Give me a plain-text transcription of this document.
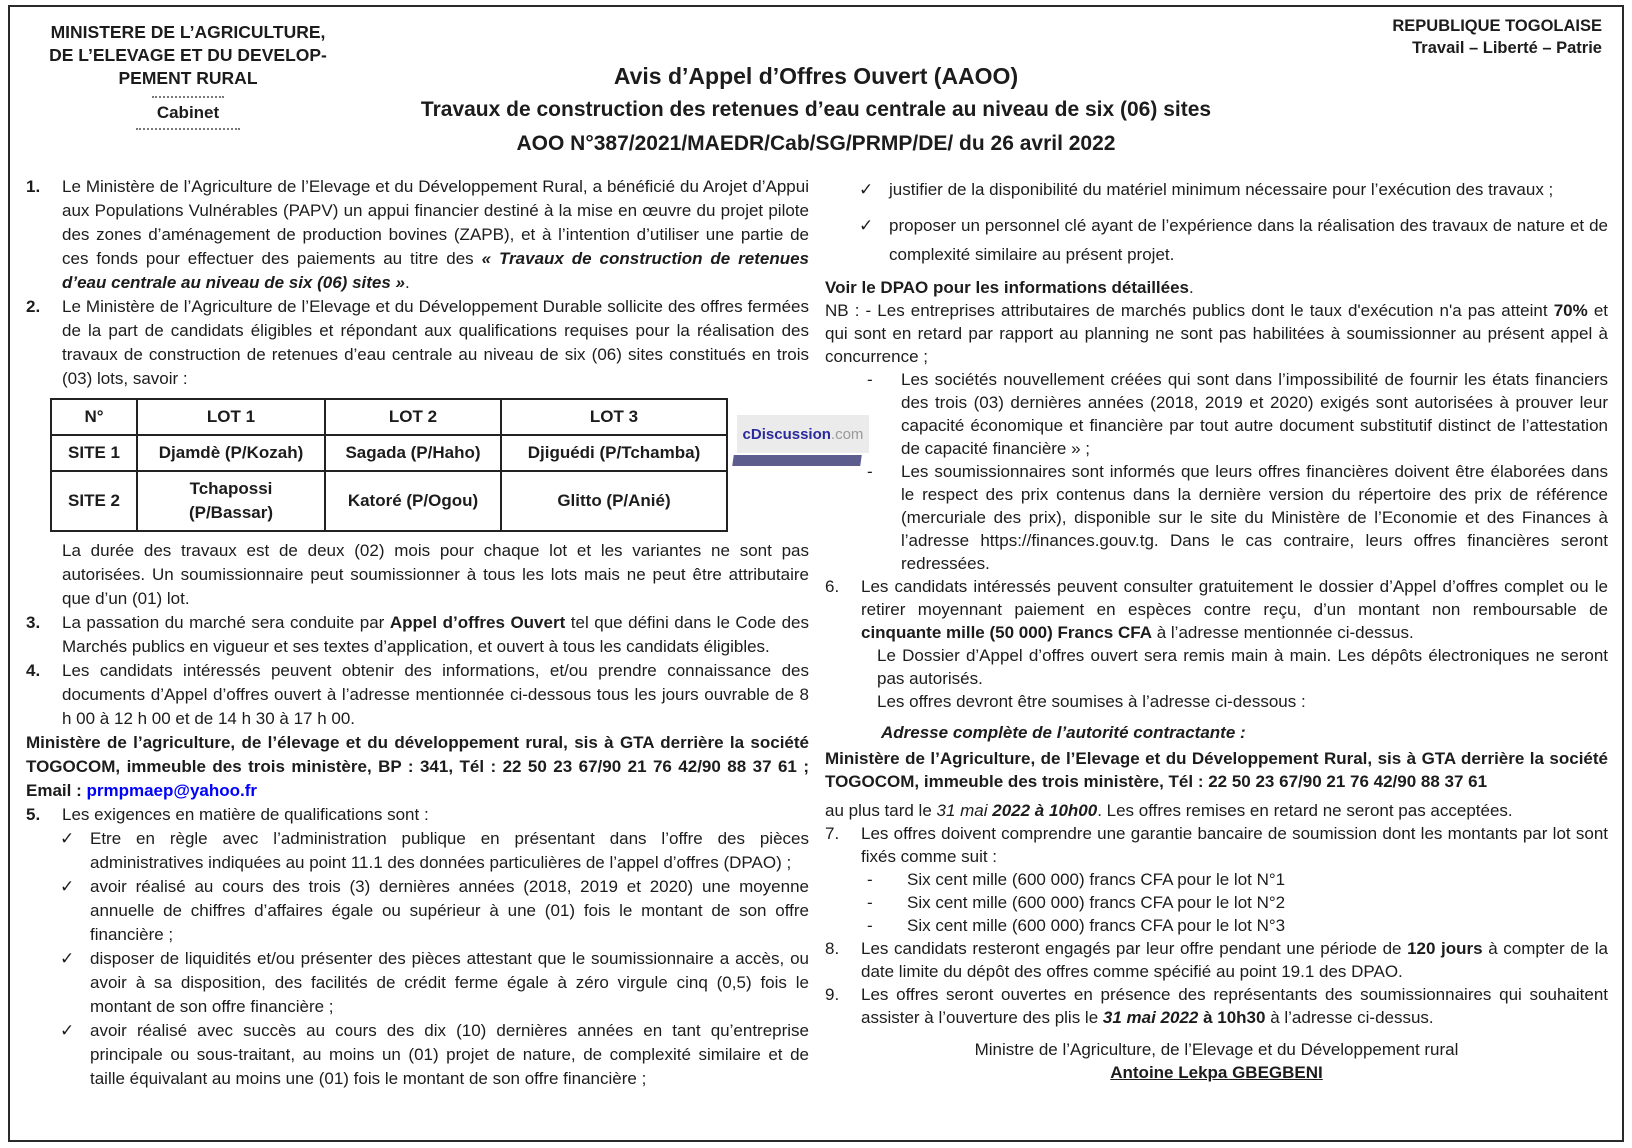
MINISTERE DE L’AGRICULTURE,
DE L’ELEVAGE ET DU DEVELOP-
PEMENT RURAL
Cabinet
REPUBLIQUE TOGOLAISE
Travail – Liberté – Patrie
Avis d’Appel d’Offres Ouvert (AAOO)
Travaux de construction des retenues d’eau centrale au niveau de six (06) sites
AOO N°387/2021/MAEDR/Cab/SG/PRMP/DE/ du 26 avril 2022
1.	Le Ministère de l’Agriculture de l’Elevage et du Développement Rural, a bénéficié du Arojet d’Appui aux Populations Vulnérables (PAPV) un appui financier destiné à la mise en œuvre du projet pilote des zones d’aménagement de production bovines (ZAPB), et à l’intention d’utiliser une partie de ces fonds pour effectuer des paiements au titre des « Travaux de construction de retenues d’eau centrale au niveau de six (06) sites ».

2.	Le Ministère de l’Agriculture de l’Elevage et du Développement Durable sollicite des offres fermées de la part de candidats éligibles et répondant aux qualifications requises pour la réalisation des travaux de construction de retenues d’eau centrale au niveau de six (06) sites constitués en trois (03) lots, savoir :

N°	LOT 1	LOT 2	LOT 3
SITE 1	Djamdè (P/Kozah)	Sagada (P/Haho)	Djiguédi (P/Tchamba)
SITE 2	Tchapossi (P/Bassar)	Katoré (P/Ogou)	Glitto (P/Anié)

La durée des travaux est de deux (02) mois pour chaque lot et les variantes ne sont pas autorisées. Un soumissionnaire peut soumissionner à tous les lots mais ne peut être attributaire que d’un (01) lot.

3.	La passation du marché sera conduite par Appel d’offres Ouvert tel que défini dans le Code des Marchés publics en vigueur et ses textes d’application, et ouvert à tous les candidats éligibles.

4.	Les candidats intéressés peuvent obtenir des informations, et/ou prendre connaissance des documents d’Appel d’offres ouvert à l’adresse mentionnée ci-dessous tous les jours ouvrable de 8 h 00 à 12 h 00 et de 14 h 30 à 17 h 00.

Ministère de l’agriculture, de l’élevage et du développement rural, sis à GTA derrière la société TOGOCOM, immeuble des trois ministère, BP : 341, Tél : 22 50 23 67/90 21 76 42/90 88 37 61 ; Email : prmpmaep@yahoo.fr

5.	Les exigences en matière de qualifications sont :

✓ Etre en règle avec l’administration publique en présentant dans l’offre des pièces administratives indiquées au point 11.1 des données particulières de l’appel d’offres (DPAO) ;

✓ avoir réalisé au cours des trois (3) dernières années (2018, 2019 et 2020) une moyenne annuelle de chiffres d’affaires égale ou supérieur à une (01) fois le montant de son offre financière ;

✓ disposer de liquidités et/ou présenter des pièces attestant que le soumissionnaire a accès, ou avoir à sa disposition, des facilités de crédit ferme égale à zéro virgule cinq (0,5) fois le montant de son offre financière ;

✓ avoir réalisé avec succès au cours des dix (10) dernières années en tant qu’entreprise principale ou sous-traitant, au moins un (01) projet de nature, de complexité similaire et de taille équivalant au moins une (01) fois le montant de son offre financière ;

✓ justifier de la disponibilité du matériel minimum nécessaire pour l’exécution des travaux ;

✓ proposer un personnel clé ayant de l’expérience dans la réalisation des travaux de nature et de complexité similaire au présent projet.

Voir le DPAO pour les informations détaillées.

NB : - Les entreprises attributaires de marchés publics dont le taux d'exécution n'a pas atteint 70% et qui sont en retard par rapport au planning ne sont pas habilitées à soumissionner au présent appel à concurrence ;

-	Les sociétés nouvellement créées qui sont dans l’impossibilité de fournir les états financiers des trois (03) dernières années (2018, 2019 et 2020) exigés sont autorisées à prouver leur capacité économique et financière par tout autre document substitutif distinct de l’attestation de capacité financière » ;

-	Les soumissionnaires sont informés que leurs offres financières doivent être élaborées dans le respect des prix contenus dans la dernière version du répertoire des prix de référence (mercuriale des prix), disponible sur le site du Ministère de l’Economie et des Finances à l’adresse https://finances.gouv.tg. Dans le cas contraire, leurs offres financières seront redressées.

6.	Les candidats intéressés peuvent consulter gratuitement le dossier d’Appel d’offres complet ou le retirer moyennant paiement en espèces contre reçu, d’un montant non remboursable de cinquante mille (50 000) Francs CFA à l’adresse mentionnée ci-dessus.

Le Dossier d’Appel d’offres ouvert sera remis main à main. Les dépôts électroniques ne seront pas autorisés.

Les offres devront être soumises à l’adresse ci-dessous :

Adresse complète de l’autorité contractante :

Ministère de l’Agriculture, de l’Elevage et du Développement Rural, sis à GTA derrière la société TOGOCOM, immeuble des trois ministère, Tél : 22 50 23 67/90 21 76 42/90 88 37 61

au plus tard le 31 mai 2022 à 10h00. Les offres remises en retard ne seront pas acceptées.

7.	Les offres doivent comprendre une garantie bancaire de soumission dont les montants par lot sont fixés comme suit :

-	Six cent mille (600 000) francs CFA pour le lot N°1

-	Six cent mille (600 000) francs CFA pour le lot N°2

-	Six cent mille (600 000) francs CFA pour le lot N°3

8.	Les candidats resteront engagés par leur offre pendant une période de 120 jours à compter de la date limite du dépôt des offres comme spécifié au point 19.1 des DPAO.

9.	Les offres seront ouvertes en présence des représentants des soumissionnaires qui souhaitent assister à l’ouverture des plis le 31 mai 2022 à 10h30 à l’adresse ci-dessus.

Ministre de l’Agriculture, de l’Elevage et du Développement rural

Antoine Lekpa GBEGBENI

cDiscussion .com
